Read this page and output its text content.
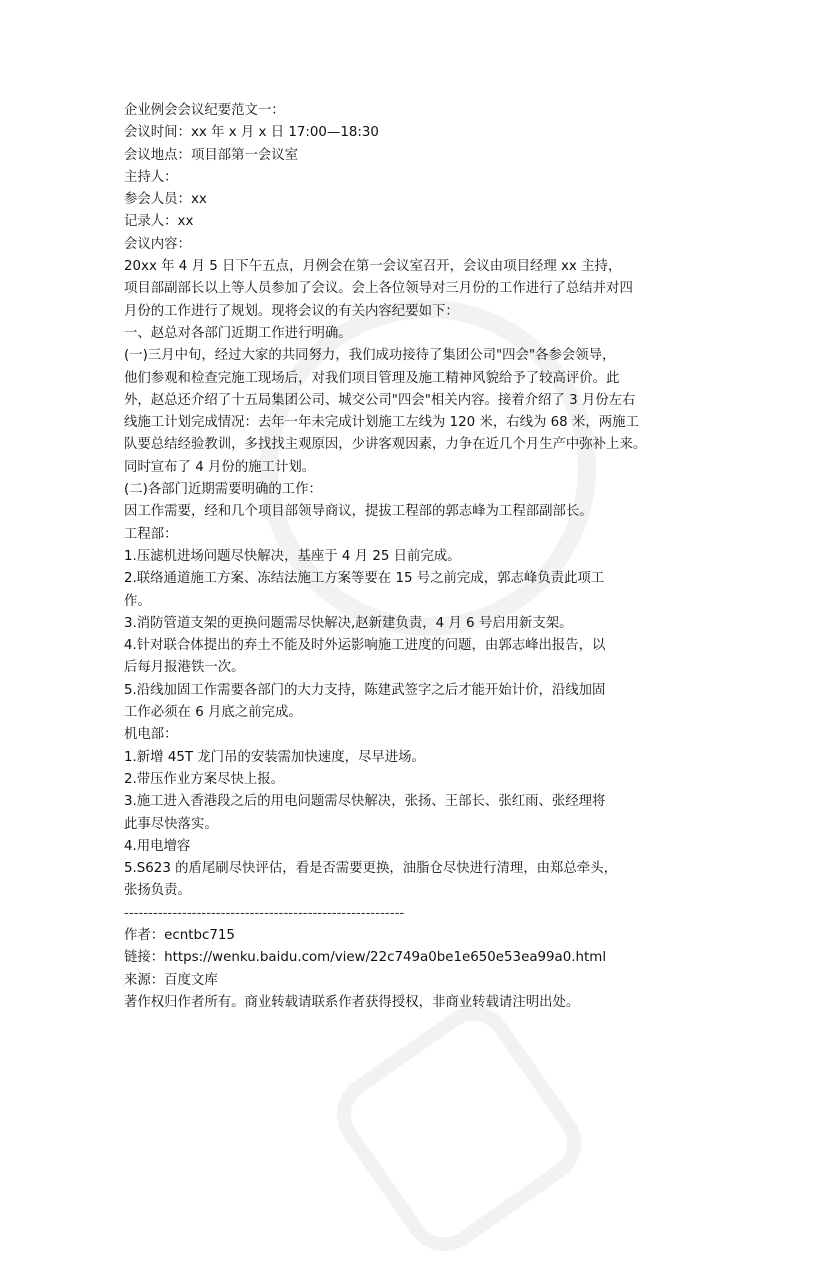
企业例会会议纪要范文一：
会议时间：xx 年 x 月 x 日 17:00—18:30
会议地点：项目部第一会议室
主持人：
参会人员：xx
记录人：xx
会议内容：
20xx 年 4 月 5 日下午五点，月例会在第一会议室召开，会议由项目经理 xx 主持，
项目部副部长以上等人员参加了会议。会上各位领导对三月份的工作进行了总结并对四
月份的工作进行了规划。现将会议的有关内容纪要如下：
一、赵总对各部门近期工作进行明确。
(一)三月中旬，经过大家的共同努力，我们成功接待了集团公司"四会"各参会领导，
他们参观和检查完施工现场后，对我们项目管理及施工精神风貌给予了较高评价。此
外，赵总还介绍了十五局集团公司、城交公司"四会"相关内容。接着介绍了 3 月份左右
线施工计划完成情况：去年一年未完成计划施工左线为 120 米，右线为 68 米，两施工
队要总结经验教训，多找找主观原因，少讲客观因素，力争在近几个月生产中弥补上来。
同时宣布了 4 月份的施工计划。
(二)各部门近期需要明确的工作：
因工作需要，经和几个项目部领导商议，提拔工程部的郭志峰为工程部副部长。
工程部：
1.压滤机进场问题尽快解决，基座于 4 月 25 日前完成。
2.联络通道施工方案、冻结法施工方案等要在 15 号之前完成，郭志峰负责此项工
作。
3.消防管道支架的更换问题需尽快解决,赵新建负责，4 月 6 号启用新支架。
4.针对联合体提出的弃土不能及时外运影响施工进度的问题，由郭志峰出报告，以
后每月报港铁一次。
5.沿线加固工作需要各部门的大力支持，陈建武签字之后才能开始计价，沿线加固
工作必须在 6 月底之前完成。
机电部：
1.新增 45T 龙门吊的安装需加快速度，尽早进场。
2.带压作业方案尽快上报。
3.施工进入香港段之后的用电问题需尽快解决，张扬、王部长、张红雨、张经理将
此事尽快落实。
4.用电增容
5.S623 的盾尾刷尽快评估，看是否需要更换，油脂仓尽快进行清理，由郑总牵头，
张扬负责。
----------------------------------------------------------
作者：ecntbc715
链接：https://wenku.baidu.com/view/22c749a0be1e650e53ea99a0.html
来源：百度文库
著作权归作者所有。商业转载请联系作者获得授权，非商业转载请注明出处。
